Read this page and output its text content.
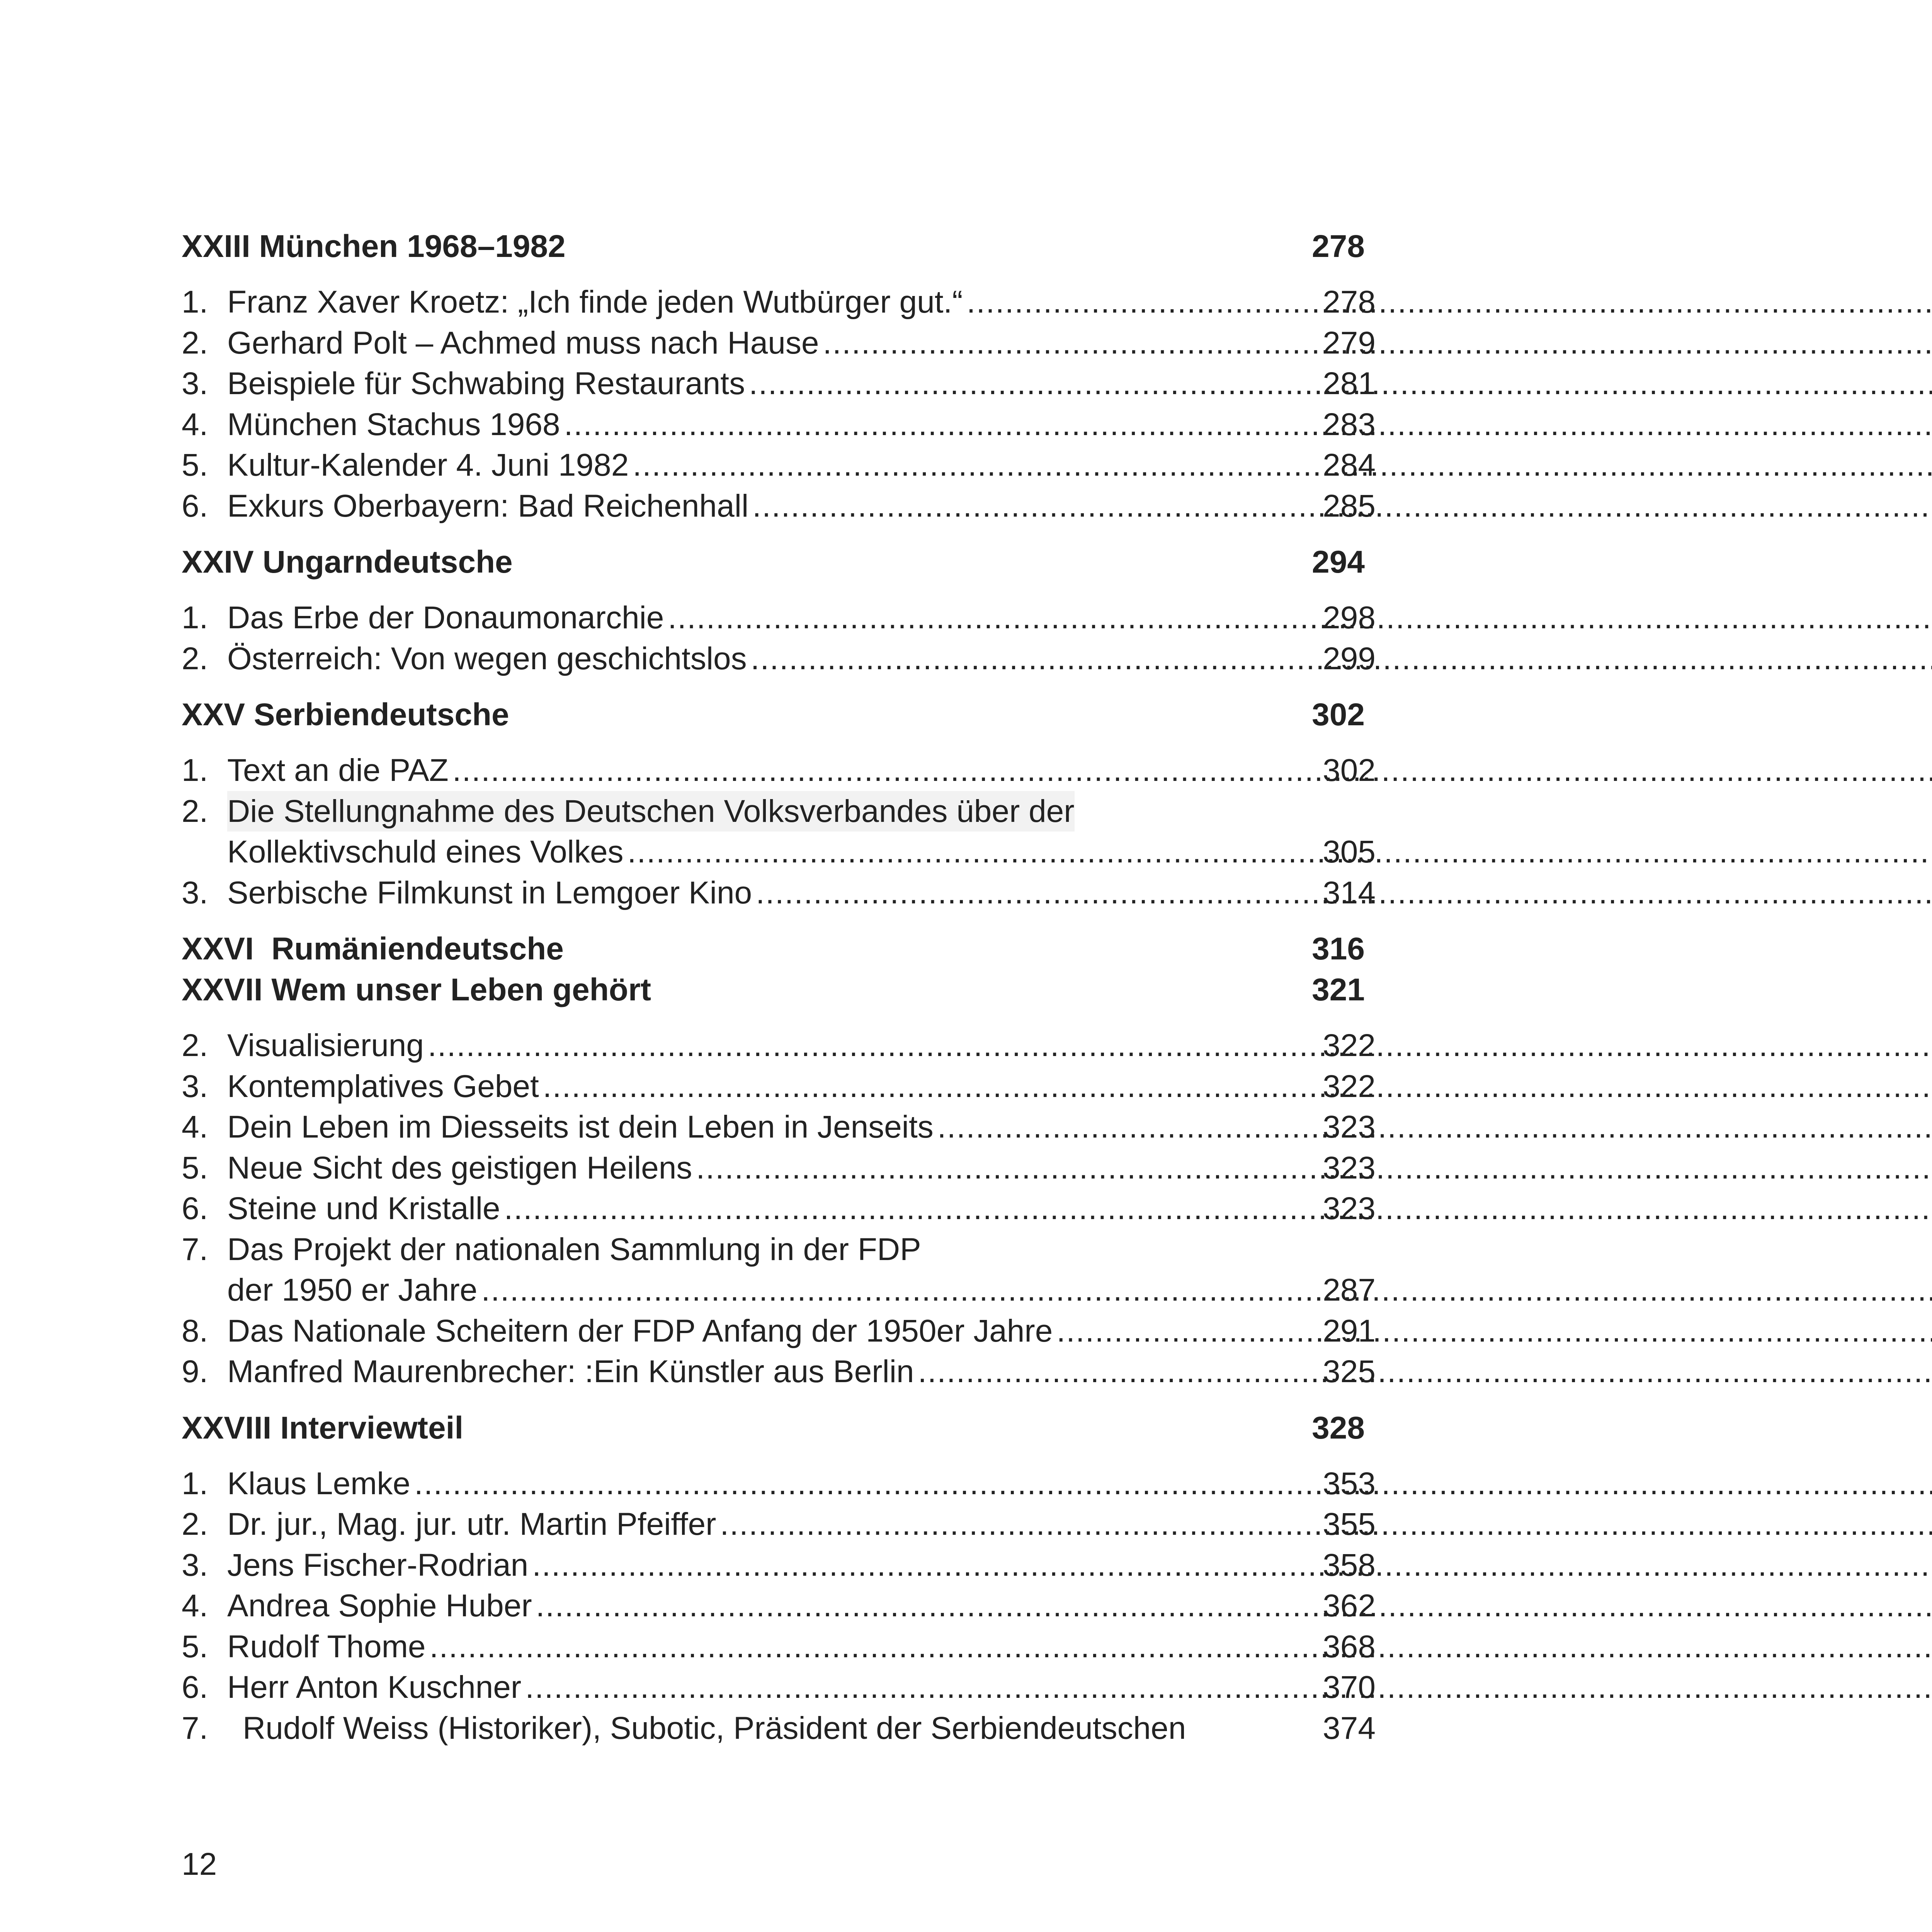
XXIII München 1968–1982	278
1. Franz Xaver Kroetz: „Ich finde jeden Wutbürger gut.“ .....	278
2. Gerhard Polt – Achmed muss nach Hause .....	279
3. Beispiele für Schwabing Restaurants .....	281
4. München Stachus 1968 .....	283
5. Kultur-Kalender 4. Juni 1982 .....	284
6. Exkurs Oberbayern: Bad Reichenhall .....	285
XXIV Ungarndeutsche	294
1. Das Erbe der Donaumonarchie .....	298
2. Österreich: Von wegen geschichtslos .....	299
XXV Serbiendeutsche	302
1. Text an die PAZ .....	302
2. Die Stellungnahme des Deutschen Volksverbandes über der
Kollektivschuld eines Volkes .....	305
3. Serbische Filmkunst in Lemgoer Kino .....	314
XXVI  Rumäniendeutsche	316
XXVII Wem unser Leben gehört	321
2. Visualisierung .....	322
3. Kontemplatives Gebet .....	322
4. Dein Leben im Diesseits ist dein Leben in Jenseits .....	323
5. Neue Sicht des geistigen Heilens .....	323
6. Steine und Kristalle .....	323
7. Das Projekt der nationalen Sammlung in der FDP
der 1950 er Jahre .....	287
8. Das Nationale Scheitern der FDP Anfang der 1950er Jahre .....	291
9. Manfred Maurenbrecher: :Ein Künstler aus Berlin .....	325
XXVIII Interviewteil	328
1. Klaus Lemke .....	353
2. Dr. jur., Mag. jur. utr. Martin Pfeiffer .....	355
3. Jens Fischer-Rodrian .....	358
4. Andrea Sophie Huber .....	362
5. Rudolf Thome .....	368
6. Herr Anton Kuschner .....	370
7.	Rudolf Weiss (Historiker), Subotic, Präsident der Serbiendeutschen	374
12
